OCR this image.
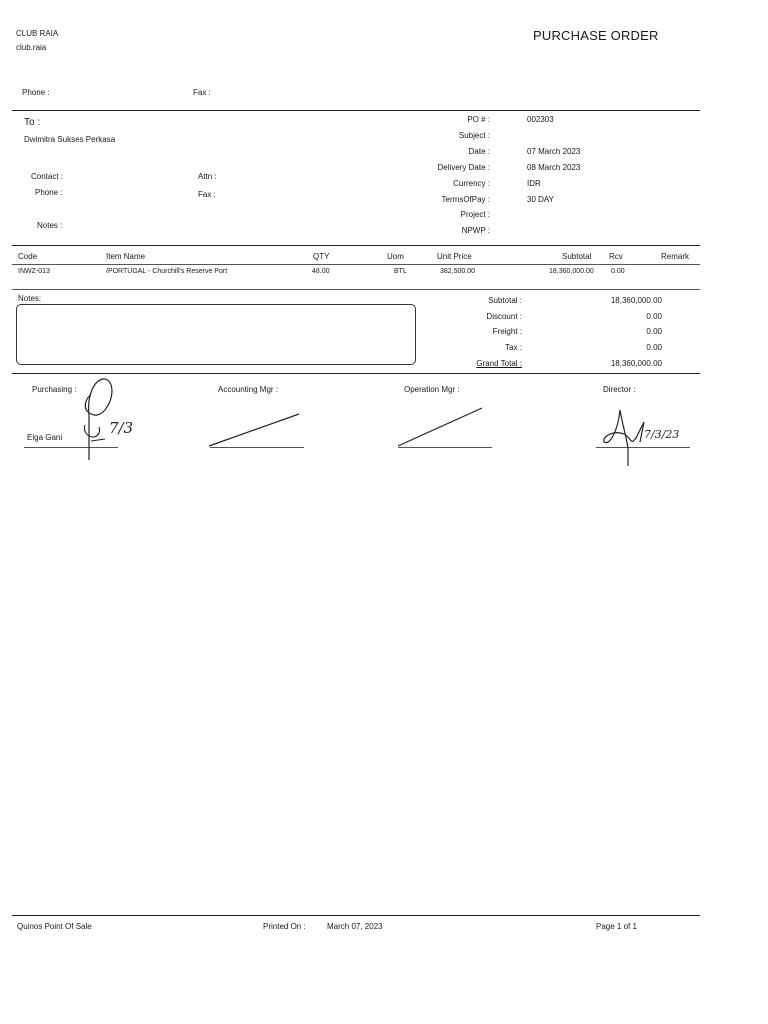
CLUB RAIA
club.raia
PURCHASE ORDER
Phone :	Fax :
To :
Dwimitra Sukses Perkasa
Contact :
Phone :
Attn :
Fax :
Notes :
PO # :	002303
Subject :
Date :	07 March 2023
Delivery Date :	08 March 2023
Currency :	IDR
TermsOfPay :	30 DAY
Project :
NPWP :
Code	Item Name	QTY	Uom	Unit Price	Subtotal Rcv	Remark
INWZ-013	/PORTUGAL - Churchill's Reserve Port	48.00	BTL	382,500.00	18,360,000.00 0.00
Notes:	Subtotal :	18,360,000.00
Discount :	0.00
Freight :	0.00
Tax :	0.00
Grand Total :	18,360,000.00
Purchasing :	Accounting Mgr :	Operation Mgr :	Director :
Elga Gani
7/3	7/3/23
Quinos Point Of Sale	Printed On :	March 07, 2023	Page 1 of 1
